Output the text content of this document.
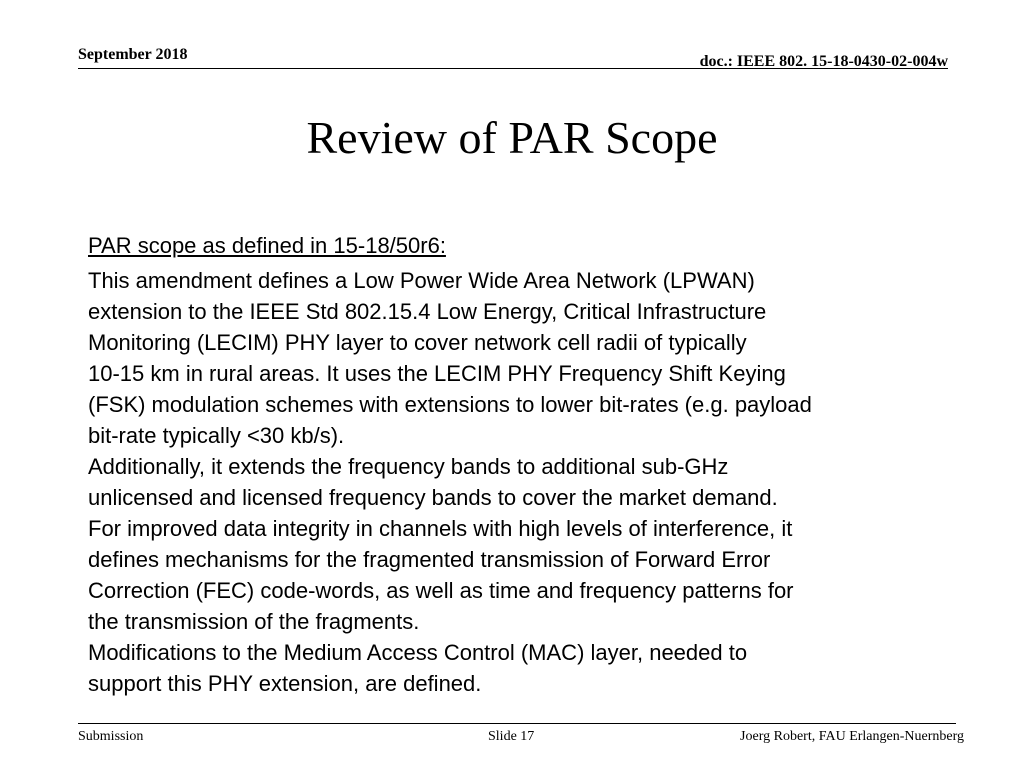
September 2018	doc.: IEEE 802. 15-18-0430-02-004w
Review of PAR Scope

PAR scope as defined in 15-18/50r6:

This amendment defines a Low Power Wide Area Network (LPWAN)

extension to the IEEE Std 802.15.4 Low Energy, Critical Infrastructure

Monitoring (LECIM) PHY layer to cover network cell radii of typically

10-15 km in rural areas. It uses the LECIM PHY Frequency Shift Keying

(FSK) modulation schemes with extensions to lower bit-rates (e.g. payload

bit-rate typically <30 kb/s).

Additionally, it extends the frequency bands to additional sub-GHz

unlicensed and licensed frequency bands to cover the market demand.

For improved data integrity in channels with high levels of interference, it

defines mechanisms for the fragmented transmission of Forward Error

Correction (FEC) code-words, as well as time and frequency patterns for

the transmission of the fragments.

Modifications to the Medium Access Control (MAC) layer, needed to

support this PHY extension, are defined.

Submission	Slide 17	Joerg Robert, FAU Erlangen-Nuernberg
